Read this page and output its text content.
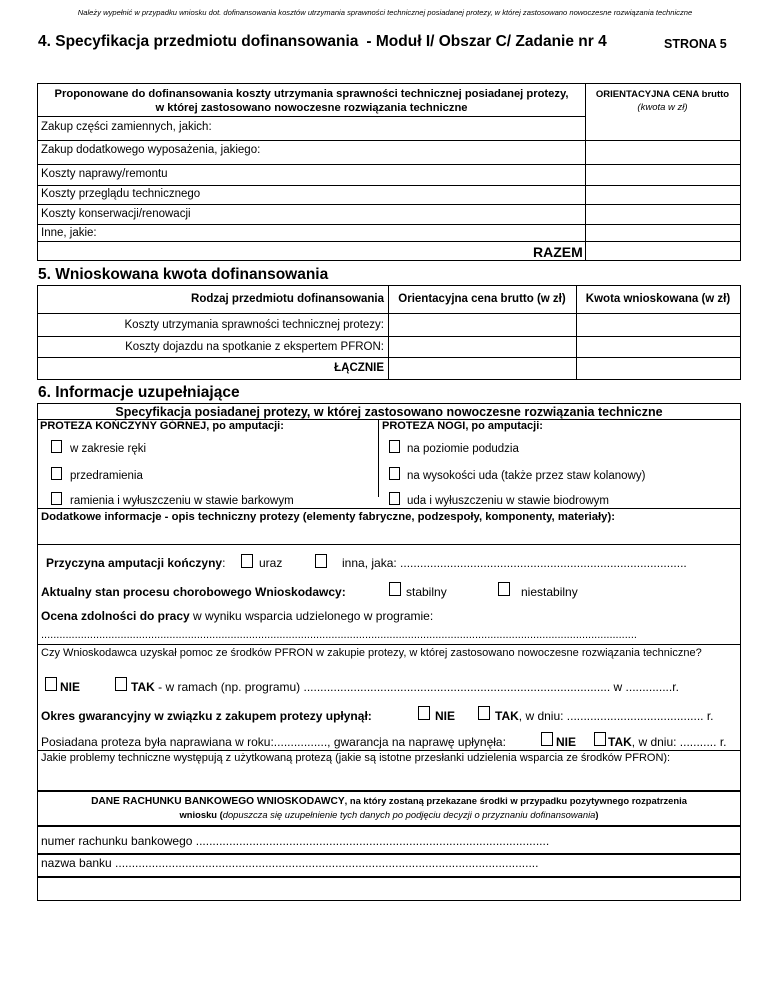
Należy wypełnić w przypadku wniosku dot. dofinansowania kosztów utrzymania sprawności technicznej posiadanej protezy, w której zastosowano nowoczesne rozwiązania techniczne
4. Specyfikacja przedmiotu dofinansowania - Moduł I/ Obszar C/ Zadanie nr 4	STRONA 5
Proponowane do dofinansowania koszty utrzymania sprawności technicznej posiadanej protezy,
w której zastosowano nowoczesne rozwiązania techniczne
ORIENTACYJNA CENA brutto
(kwota w zł)
Zakup części zamiennych, jakich:
Zakup dodatkowego wyposażenia, jakiego:
Koszty naprawy/remontu
Koszty przeglądu technicznego
Koszty konserwacji/renowacji
Inne, jakie:
RAZEM
5. Wnioskowana kwota dofinansowania
Rodzaj przedmiotu dofinansowania	Orientacyjna cena brutto (w zł)	Kwota wnioskowana (w zł)
Koszty utrzymania sprawności technicznej protezy:
Koszty dojazdu na spotkanie z ekspertem PFRON:
ŁĄCZNIE
6. Informacje uzupełniające
Specyfikacja posiadanej protezy, w której zastosowano nowoczesne rozwiązania techniczne
PROTEZA KOŃCZYNY GÓRNEJ, po amputacji:	PROTEZA NOGI, po amputacji:
w zakresie ręki
przedramienia
ramienia i wyłuszczeniu w stawie barkowym
na poziomie podudzia
na wysokości uda (także przez staw kolanowy)
uda i wyłuszczeniu w stawie biodrowym
Dodatkowe informacje - opis techniczny protezy (elementy fabryczne, podzespoły, komponenty, materiały):
Przyczyna amputacji kończyny:	uraz	inna, jaka: ......................................................................................
Aktualny stan procesu chorobowego Wnioskodawcy:	stabilny	niestabilny
Ocena zdolności do pracy w wyniku wsparcia udzielonego w programie:
...................................................................................................................................................................................................
Czy Wnioskodawca uzyskał pomoc ze środków PFRON w zakupie protezy, w której zastosowano nowoczesne rozwiązania techniczne?
NIE	TAK - w ramach (np. programu) ............................................................................................ w ..............r.
Okres gwarancyjny w związku z zakupem protezy upłynął:	NIE	TAK, w dniu: ......................................... r.
Posiadana proteza była naprawiana w roku:................, gwarancja na naprawę upłynęła:	NIE	TAK, w dniu: ........... r.
Jakie problemy techniczne występują z użytkowaną protezą (jakie są istotne przesłanki udzielenia wsparcia ze środków PFRON):
DANE RACHUNKU BANKOWEGO WNIOSKODAWCY, na który zostaną przekazane środki w przypadku pozytywnego rozpatrzenia
wniosku (dopuszcza się uzupełnienie tych danych po podjęciu decyzji o przyznaniu dofinansowania)
numer rachunku bankowego ..........................................................................................................
nazwa banku ...............................................................................................................................
